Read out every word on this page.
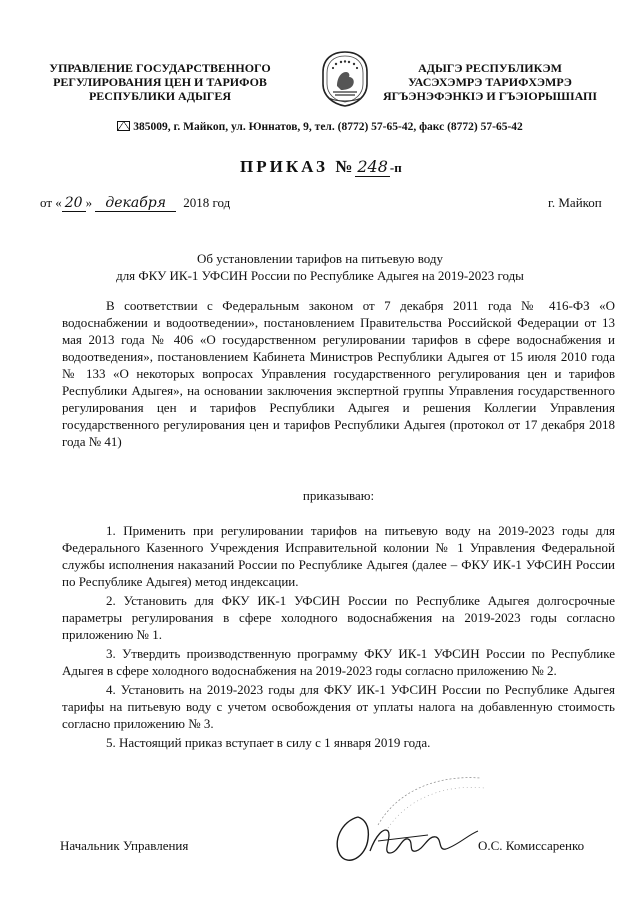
УПРАВЛЕНИЕ ГОСУДАРСТВЕННОГО
РЕГУЛИРОВАНИЯ ЦЕН И ТАРИФОВ
РЕСПУБЛИКИ АДЫГЕЯ
АДЫГЭ РЕСПУБЛИКЭМ
УАСЭХЭМРЭ ТАРИФХЭМРЭ
ЯГЪЭНЭФЭНКIЭ И ГЪЭIОРЫШIАПI
385009, г. Майкоп, ул. Юннатов, 9, тел. (8772) 57-65-42, факс (8772) 57-65-42
ПРИКАЗ № 248 -п
от « 20 » декабря 2018 год	г. Майкоп
Об установлении тарифов на питьевую воду
для ФКУ ИК-1 УФСИН России по Республике Адыгея на 2019-2023 годы

В соответствии с Федеральным законом от 7 декабря 2011 года № 416-ФЗ «О водоснабжении и водоотведении», постановлением Правительства Российской Федерации от 13 мая 2013 года № 406 «О государственном регулировании тарифов в сфере водоснабжения и водоотведения», постановлением Кабинета Министров Республики Адыгея от 15 июля 2010 года № 133 «О некоторых вопросах Управления государственного регулирования цен и тарифов Республики Адыгея», на основании заключения экспертной группы Управления государственного регулирования цен и тарифов Республики Адыгея и решения Коллегии Управления государственного регулирования цен и тарифов Республики Адыгея (протокол от 17 декабря 2018 года № 41)

приказываю:

1. Применить при регулировании тарифов на питьевую воду на 2019-2023 годы для Федерального Казенного Учреждения Исправительной колонии № 1 Управления Федеральной службы исполнения наказаний России по Республике Адыгея (далее – ФКУ ИК-1 УФСИН России по Республике Адыгея) метод индексации.

2. Установить для ФКУ ИК-1 УФСИН России по Республике Адыгея долгосрочные параметры регулирования в сфере холодного водоснабжения на 2019-2023 годы согласно приложению № 1.

3. Утвердить производственную программу ФКУ ИК-1 УФСИН России по Республике Адыгея в сфере холодного водоснабжения на 2019-2023 годы согласно приложению № 2.

4. Установить на 2019-2023 годы для ФКУ ИК-1 УФСИН России по Республике Адыгея тарифы на питьевую воду с учетом освобождения от уплаты налога на добавленную стоимость согласно приложению № 3.

5. Настоящий приказ вступает в силу с 1 января 2019 года.

Начальник Управления	О.С. Комиссаренко
